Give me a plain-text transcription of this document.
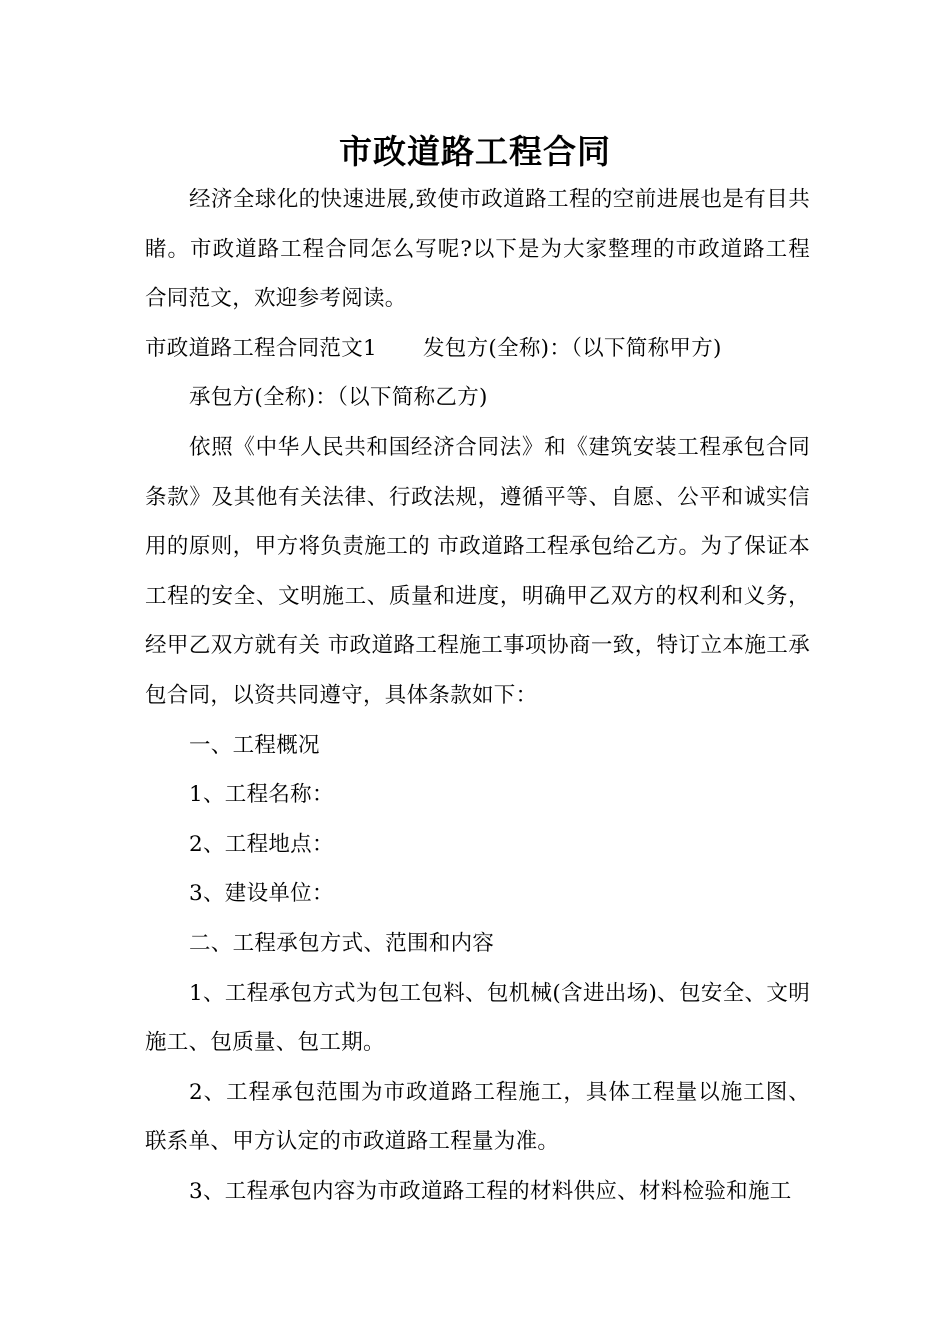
市政道路工程合同

经济全球化的快速进展,致使市政道路工程的空前进展也是有目共睹。市政道路工程合同怎么写呢?以下是为大家整理的市政道路工程合同范文，欢迎参考阅读。

市政道路工程合同范文1 发包方(全称)：（以下简称甲方)

承包方(全称)：（以下简称乙方)

依照《中华人民共和国经济合同法》和《建筑安装工程承包合同条款》及其他有关法律、行政法规，遵循平等、自愿、公平和诚实信用的原则，甲方将负责施工的 市政道路工程承包给乙方。为了保证本工程的安全、文明施工、质量和进度，明确甲乙双方的权利和义务，经甲乙双方就有关 市政道路工程施工事项协商一致，特订立本施工承包合同，以资共同遵守，具体条款如下：

一、工程概况

1、工程名称：

2、工程地点：

3、建设单位：

二、工程承包方式、范围和内容

1、工程承包方式为包工包料、包机械(含进出场)、包安全、文明施工、包质量、包工期。

2、工程承包范围为市政道路工程施工，具体工程量以施工图、联系单、甲方认定的市政道路工程量为准。

3、工程承包内容为市政道路工程的材料供应、材料检验和施工
